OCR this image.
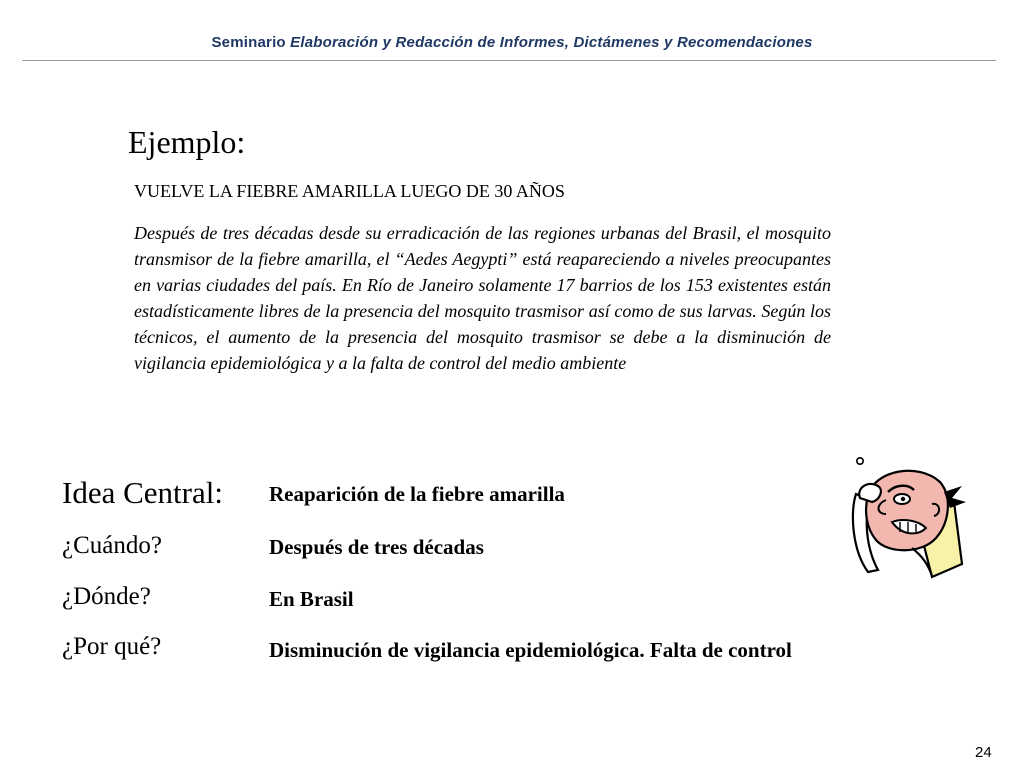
Seminario Elaboración y Redacción de Informes, Dictámenes y Recomendaciones
Ejemplo:
VUELVE LA FIEBRE AMARILLA LUEGO DE 30 AÑOS
Después de tres décadas desde su erradicación de las regiones urbanas del Brasil, el mosquito transmisor de la fiebre amarilla, el “Aedes Aegypti” está reapareciendo a niveles preocupantes en varias ciudades del país. En Río de Janeiro solamente 17 barrios de los 153 existentes están estadísticamente libres de la presencia del mosquito trasmisor así como de sus larvas. Según los técnicos, el aumento de la presencia del mosquito trasmisor se debe a la disminución de vigilancia epidemiológica y a la falta de control del medio ambiente
Idea Central: Reaparición de la fiebre amarilla
¿Cuándo?	Después de tres décadas
¿Dónde?	En Brasil
¿Por qué?	Disminución de vigilancia epidemiológica. Falta de control
24
